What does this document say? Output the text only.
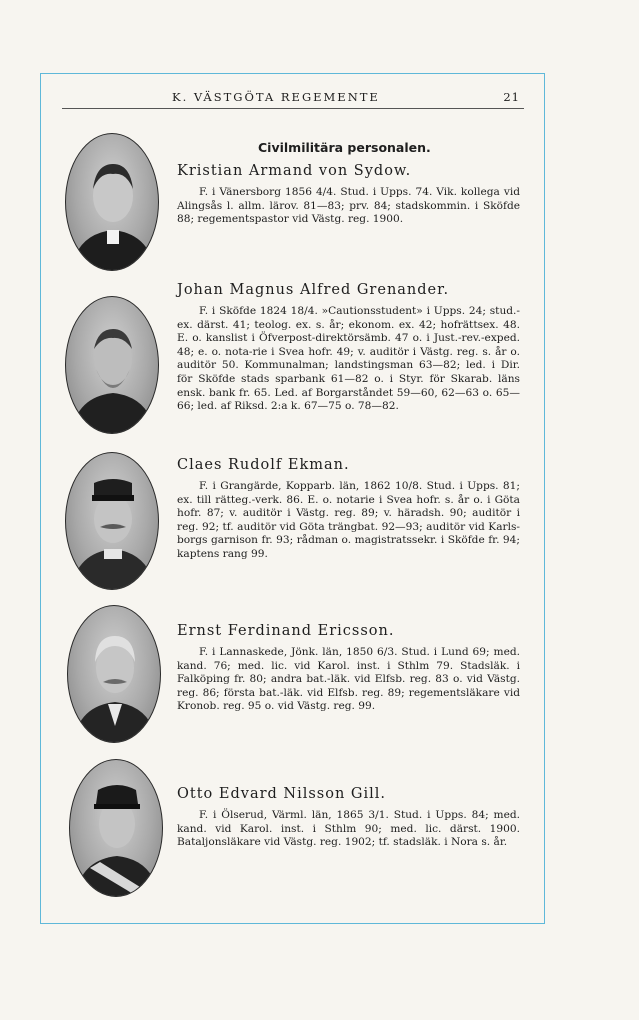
K. VÄSTGÖTA REGEMENTE	21
Civilmilitära personalen.
Kristian Armand von Sydow.
F. i Vänersborg 1856 4/4. Stud. i Upps. 74. Vik. kollega vid Alingsås l. allm. lärov. 81—83; prv. 84; stadskommin. i Sköfde 88; regementspastor vid Västg. reg. 1900.
Johan Magnus Alfred Grenander.
F. i Sköfde 1824 18/4. »Cautionsstudent» i Upps. 24; stud.-ex. därst. 41; teolog. ex. s. år; ekonom. ex. 42; hofrättsex. 48. E. o. kanslist i Öfverpost-direktörsämb. 47 o. i Just.-rev.-exped. 48; e. o. nota-rie i Svea hofr. 49; v. auditör i Västg. reg. s. år o. auditör 50. Kommunalman; landstingsman 63—82; led. i Dir. för Sköfde stads sparbank 61—82 o. i Styr. för Skarab. läns ensk. bank fr. 65. Led. af Borgarståndet 59—60, 62—63 o. 65—66; led. af Riksd. 2:a k. 67—75 o. 78—82.
Claes Rudolf Ekman.
F. i Grangärde, Kopparb. län, 1862 10/8. Stud. i Upps. 81; ex. till rätteg.-verk. 86. E. o. notarie i Svea hofr. s. år o. i Göta hofr. 87; v. auditör i Västg. reg. 89; v. häradsh. 90; auditör i reg. 92; tf. auditör vid Göta trängbat. 92—93; auditör vid Karls-borgs garnison fr. 93; rådman o. magistratssekr. i Sköfde fr. 94; kaptens rang 99.
Ernst Ferdinand Ericsson.
F. i Lannaskede, Jönk. län, 1850 6/3. Stud. i Lund 69; med. kand. 76; med. lic. vid Karol. inst. i Sthlm 79. Stadsläk. i Falköping fr. 80; andra bat.-läk. vid Elfsb. reg. 83 o. vid Västg. reg. 86; första bat.-läk. vid Elfsb. reg. 89; regementsläkare vid Kronob. reg. 95 o. vid Västg. reg. 99.
Otto Edvard Nilsson Gill.
F. i Ölserud, Värml. län, 1865 3/1. Stud. i Upps. 84; med. kand. vid Karol. inst. i Sthlm 90; med. lic. därst. 1900. Bataljonsläkare vid Västg. reg. 1902; tf. stadsläk. i Nora s. år.
